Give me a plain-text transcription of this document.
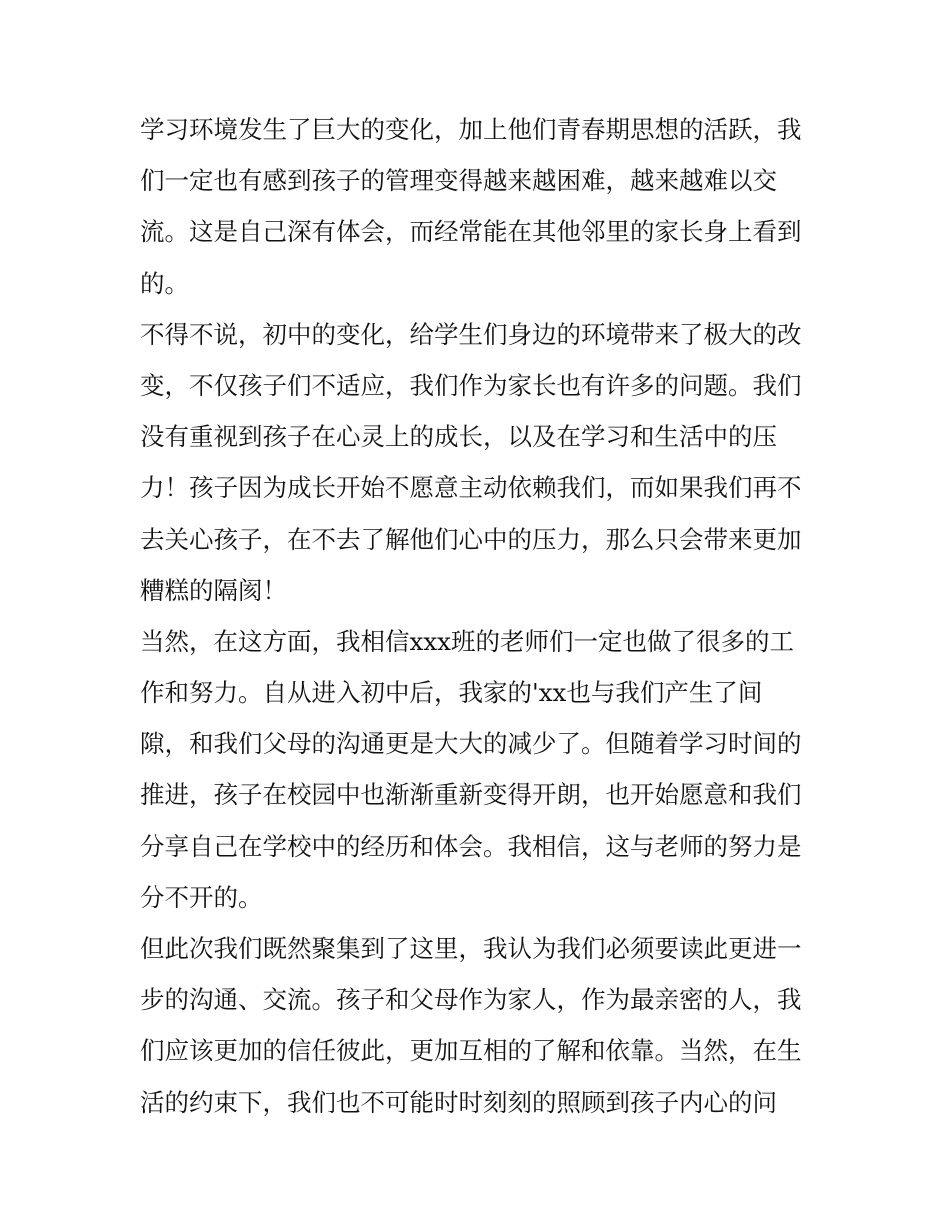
学习环境发生了巨大的变化，加上他们青春期思想的活跃，我
们一定也有感到孩子的管理变得越来越困难，越来越难以交
流。这是自己深有体会，而经常能在其他邻里的家长身上看到
的。
不得不说，初中的变化，给学生们身边的环境带来了极大的改
变，不仅孩子们不适应，我们作为家长也有许多的问题。我们
没有重视到孩子在心灵上的成长，以及在学习和生活中的压
力！孩子因为成长开始不愿意主动依赖我们，而如果我们再不
去关心孩子，在不去了解他们心中的压力，那么只会带来更加
糟糕的隔阂！
当然，在这方面，我相信xxx班的老师们一定也做了很多的工
作和努力。自从进入初中后，我家的'xx也与我们产生了间
隙，和我们父母的沟通更是大大的减少了。但随着学习时间的
推进，孩子在校园中也渐渐重新变得开朗，也开始愿意和我们
分享自己在学校中的经历和体会。我相信，这与老师的努力是
分不开的。
但此次我们既然聚集到了这里，我认为我们必须要读此更进一
步的沟通、交流。孩子和父母作为家人，作为最亲密的人，我
们应该更加的信任彼此，更加互相的了解和依靠。当然，在生
活的约束下，我们也不可能时时刻刻的照顾到孩子内心的问
